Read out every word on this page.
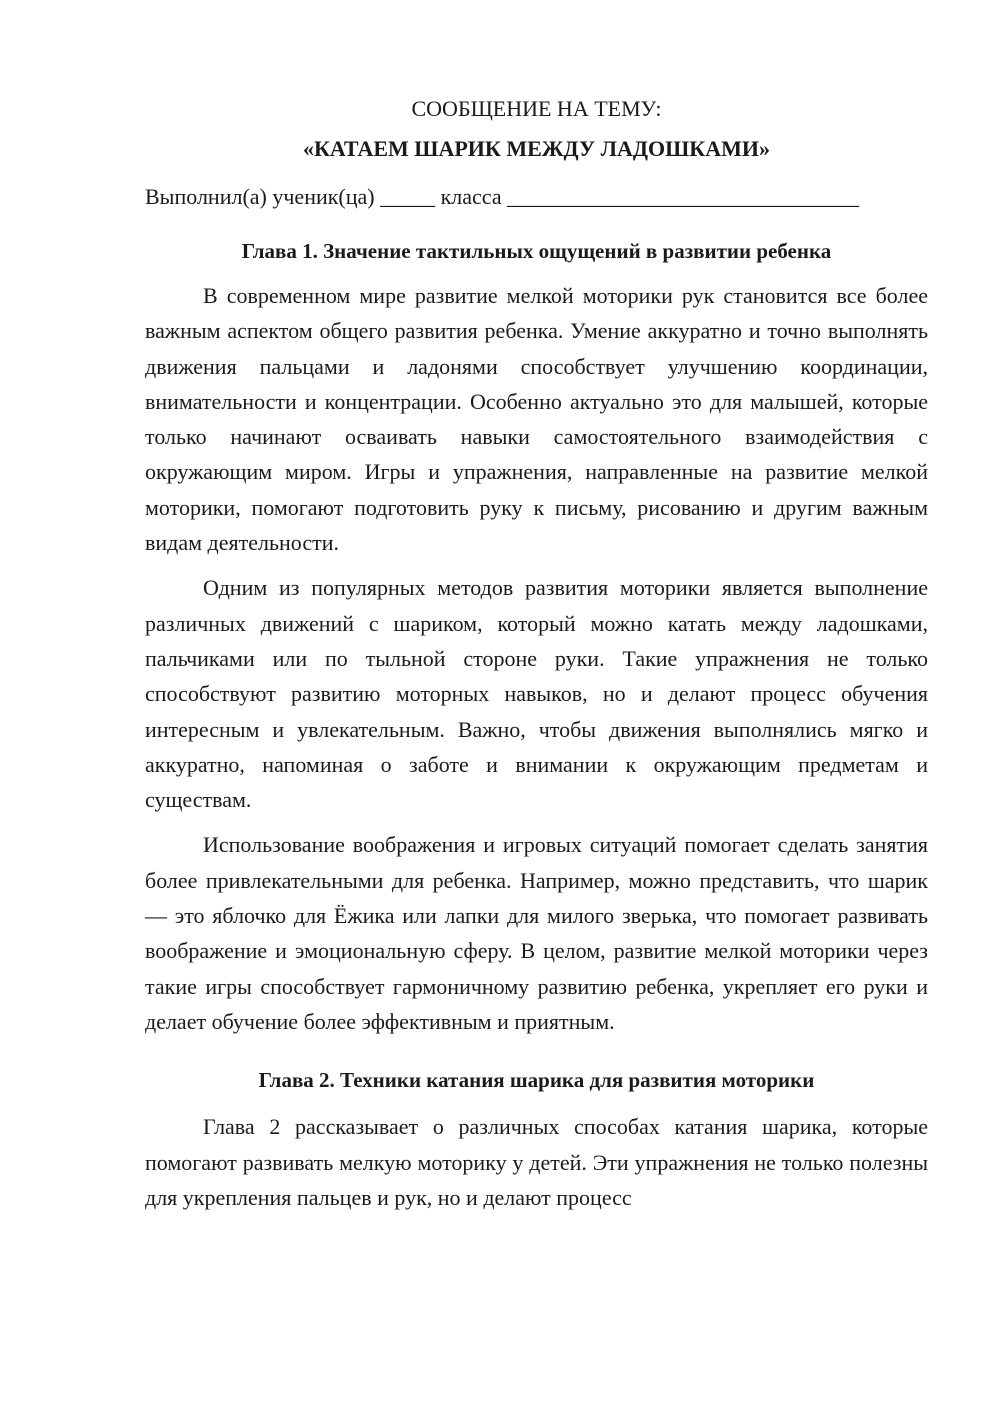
СООБЩЕНИЕ НА ТЕМУ:

«КАТАЕМ ШАРИК МЕЖДУ ЛАДОШКАМИ»

Выполнил(а) ученик(ца) _____ класса ________________________________

Глава 1. Значение тактильных ощущений в развитии ребенка

В современном мире развитие мелкой моторики рук становится все более важным аспектом общего развития ребенка. Умение аккуратно и точно выполнять движения пальцами и ладонями способствует улучшению координации, внимательности и концентрации. Особенно актуально это для малышей, которые только начинают осваивать навыки самостоятельного взаимодействия с окружающим миром. Игры и упражнения, направленные на развитие мелкой моторики, помогают подготовить руку к письму, рисованию и другим важным видам деятельности.

Одним из популярных методов развития моторики является выполнение различных движений с шариком, который можно катать между ладошками, пальчиками или по тыльной стороне руки. Такие упражнения не только способствуют развитию моторных навыков, но и делают процесс обучения интересным и увлекательным. Важно, чтобы движения выполнялись мягко и аккуратно, напоминая о заботе и внимании к окружающим предметам и существам.

Использование воображения и игровых ситуаций помогает сделать занятия более привлекательными для ребенка. Например, можно представить, что шарик — это яблочко для Ёжика или лапки для милого зверька, что помогает развивать воображение и эмоциональную сферу. В целом, развитие мелкой моторики через такие игры способствует гармоничному развитию ребенка, укрепляет его руки и делает обучение более эффективным и приятным.

Глава 2. Техники катания шарика для развития моторики

Глава 2 рассказывает о различных способах катания шарика, которые помогают развивать мелкую моторику у детей. Эти упражнения не только полезны для укрепления пальцев и рук, но и делают процесс
